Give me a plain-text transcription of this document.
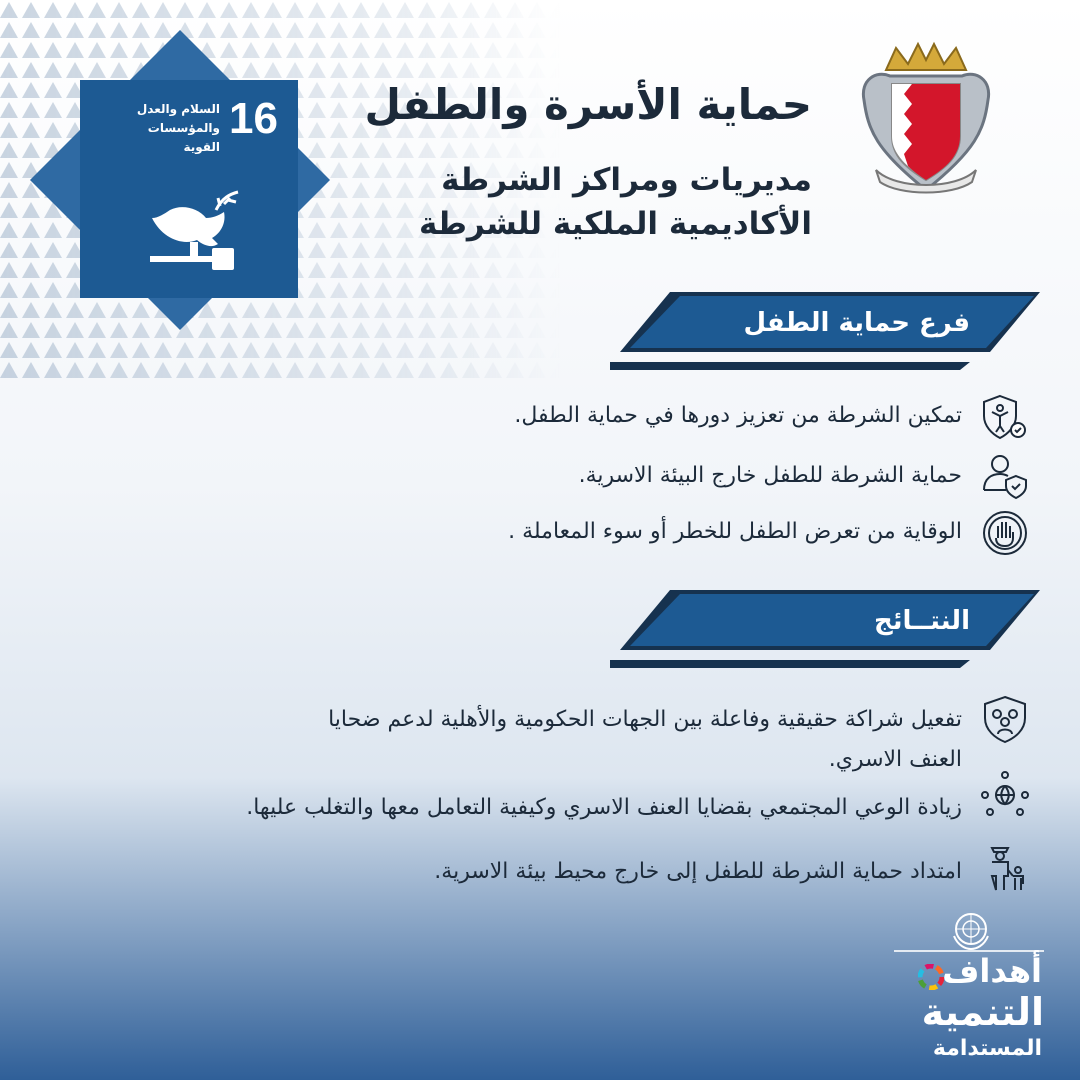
16
السلام والعدل والمؤسسات القوية
حماية الأسرة والطفل
مديريات ومراكز الشرطة
الأكاديمية الملكية للشرطة
فرع حماية الطفل
تمكين الشرطة من تعزيز دورها في حماية الطفل.
حماية الشرطة للطفل خارج البيئة الاسرية.
الوقاية من تعرض الطفل للخطر أو سوء المعاملة .
النتــائج
تفعيل شراكة حقيقية وفاعلة بين الجهات الحكومية والأهلية لدعم ضحايا
العنف الاسري.
زيادة الوعي المجتمعي بقضايا العنف الاسري وكيفية التعامل معها والتغلب عليها.
امتداد حماية الشرطة للطفل إلى خارج محيط بيئة الاسرية.
أهداف
التنمية
المستدامة
